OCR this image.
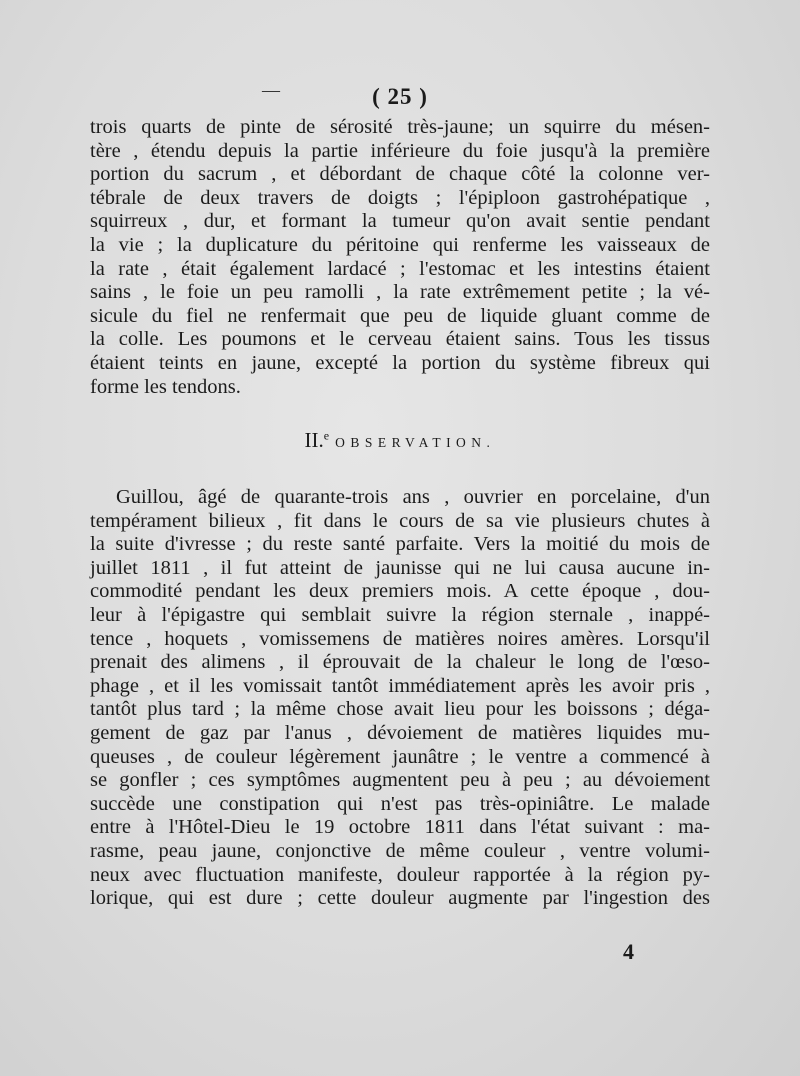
—	( 25 )
trois quarts de pinte de sérosité très-jaune; un squirre du mésen-
tère , étendu depuis la partie inférieure du foie jusqu'à la première
portion du sacrum , et débordant de chaque côté la colonne ver-
tébrale de deux travers de doigts ; l'épiploon gastrohépatique ,
squirreux , dur, et formant la tumeur qu'on avait sentie pendant
la vie ; la duplicature du péritoine qui renferme les vaisseaux de
la rate , était également lardacé ; l'estomac et les intestins étaient
sains , le foie un peu ramolli , la rate extrêmement petite ; la vé-
sicule du fiel ne renfermait que peu de liquide gluant comme de
la colle. Les poumons et le cerveau étaient sains. Tous les tissus
étaient teints en jaune, excepté la portion du système fibreux qui
forme les tendons.
II.$^e$ OBSERVATION.
Guillou, âgé de quarante-trois ans , ouvrier en porcelaine, d'un
tempérament bilieux , fit dans le cours de sa vie plusieurs chutes à
la suite d'ivresse ; du reste santé parfaite. Vers la moitié du mois de
juillet 1811 , il fut atteint de jaunisse qui ne lui causa aucune in-
commodité pendant les deux premiers mois. A cette époque , dou-
leur à l'épigastre qui semblait suivre la région sternale , inappé-
tence , hoquets , vomissemens de matières noires amères. Lorsqu'il
prenait des alimens , il éprouvait de la chaleur le long de l'œso-
phage , et il les vomissait tantôt immédiatement après les avoir pris ,
tantôt plus tard ; la même chose avait lieu pour les boissons ; déga-
gement de gaz par l'anus , dévoiement de matières liquides mu-
queuses , de couleur légèrement jaunâtre ; le ventre a commencé à
se gonfler ; ces symptômes augmentent peu à peu ; au dévoiement
succède une constipation qui n'est pas très-opiniâtre. Le malade
entre à l'Hôtel-Dieu le 19 octobre 1811 dans l'état suivant : ma-
rasme, peau jaune, conjonctive de même couleur , ventre volumi-
neux avec fluctuation manifeste, douleur rapportée à la région py-
lorique, qui est dure ; cette douleur augmente par l'ingestion des
4
